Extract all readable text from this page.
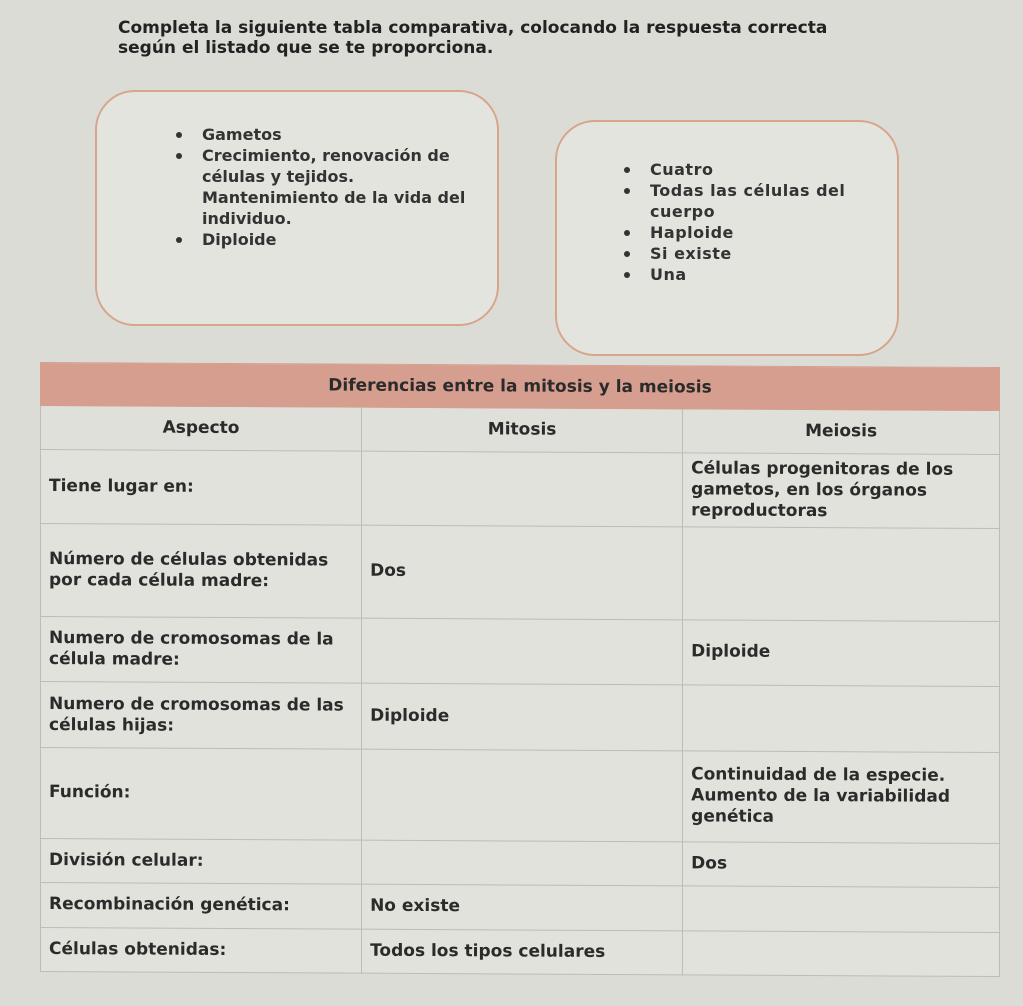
Completa la siguiente tabla comparativa, colocando la respuesta correcta según el listado que se te proporciona.
Gametos
Crecimiento, renovación de células y tejidos.
Mantenimiento de la vida del individuo.
Diploide
Cuatro
Todas las células del cuerpo
Haploide
Si existe
Una
Diferencias entre la mitosis y la meiosis		
Aspecto	Mitosis	Meiosis
Tiene lugar en:		Células progenitoras de los gametos, en los órganos reproductoras
Número de células obtenidas por cada célula madre:	Dos	
Numero de cromosomas de la célula madre:		Diploide
Numero de cromosomas de las células hijas:	Diploide	
Función:		Continuidad de la especie. Aumento de la variabilidad genética
División celular:		Dos
Recombinación genética:	No existe	
Células obtenidas:	Todos los tipos celulares	
